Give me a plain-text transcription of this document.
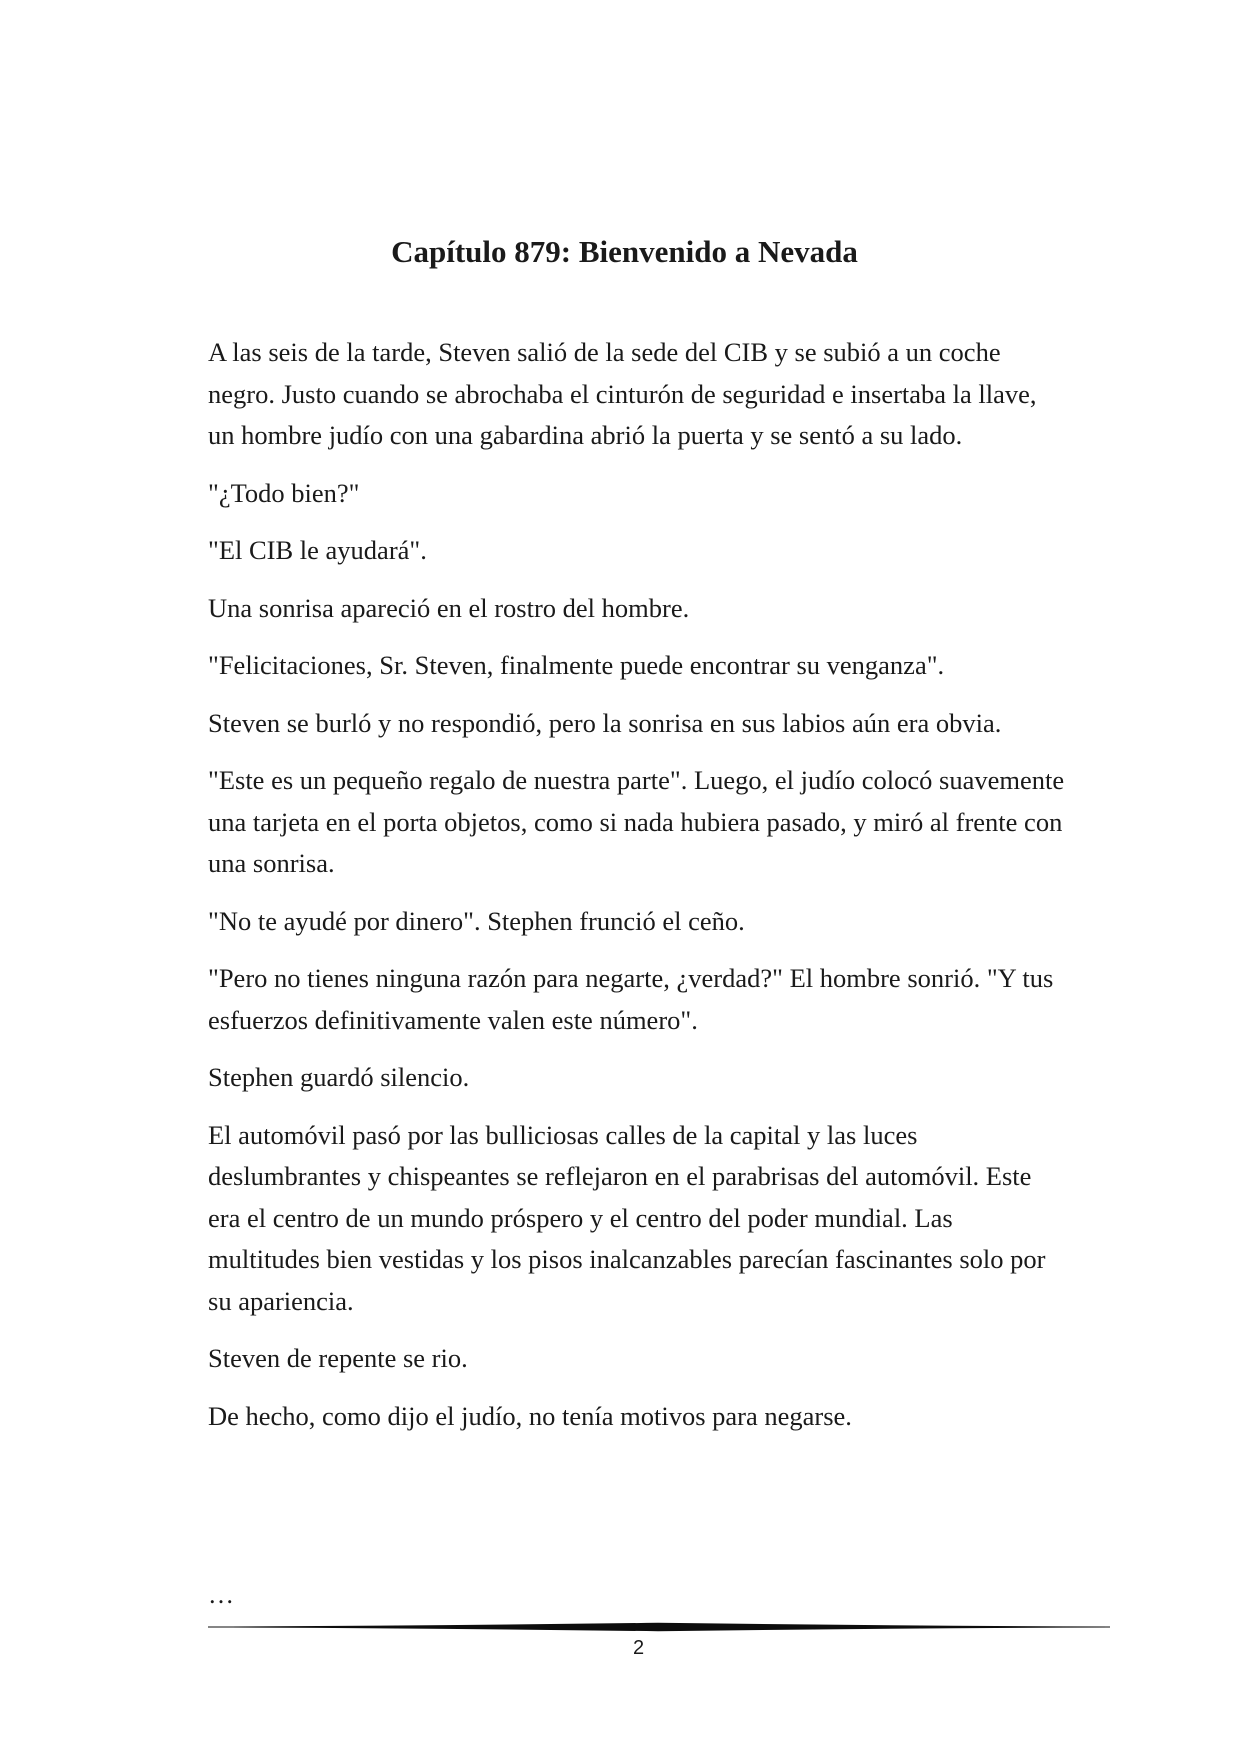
Capítulo 879: Bienvenido a Nevada

A las seis de la tarde, Steven salió de la sede del CIB y se subió a un coche negro. Justo cuando se abrochaba el cinturón de seguridad e insertaba la llave, un hombre judío con una gabardina abrió la puerta y se sentó a su lado.

"¿Todo bien?"

"El CIB le ayudará".

Una sonrisa apareció en el rostro del hombre.

"Felicitaciones, Sr. Steven, finalmente puede encontrar su venganza".

Steven se burló y no respondió, pero la sonrisa en sus labios aún era obvia.

"Este es un pequeño regalo de nuestra parte". Luego, el judío colocó suavemente una tarjeta en el porta objetos, como si nada hubiera pasado, y miró al frente con una sonrisa.

"No te ayudé por dinero". Stephen frunció el ceño.

"Pero no tienes ninguna razón para negarte, ¿verdad?" El hombre sonrió. "Y tus esfuerzos definitivamente valen este número".

Stephen guardó silencio.

El automóvil pasó por las bulliciosas calles de la capital y las luces deslumbrantes y chispeantes se reflejaron en el parabrisas del automóvil. Este era el centro de un mundo próspero y el centro del poder mundial. Las multitudes bien vestidas y los pisos inalcanzables parecían fascinantes solo por su apariencia.

Steven de repente se rio.

De hecho, como dijo el judío, no tenía motivos para negarse.

…
2
